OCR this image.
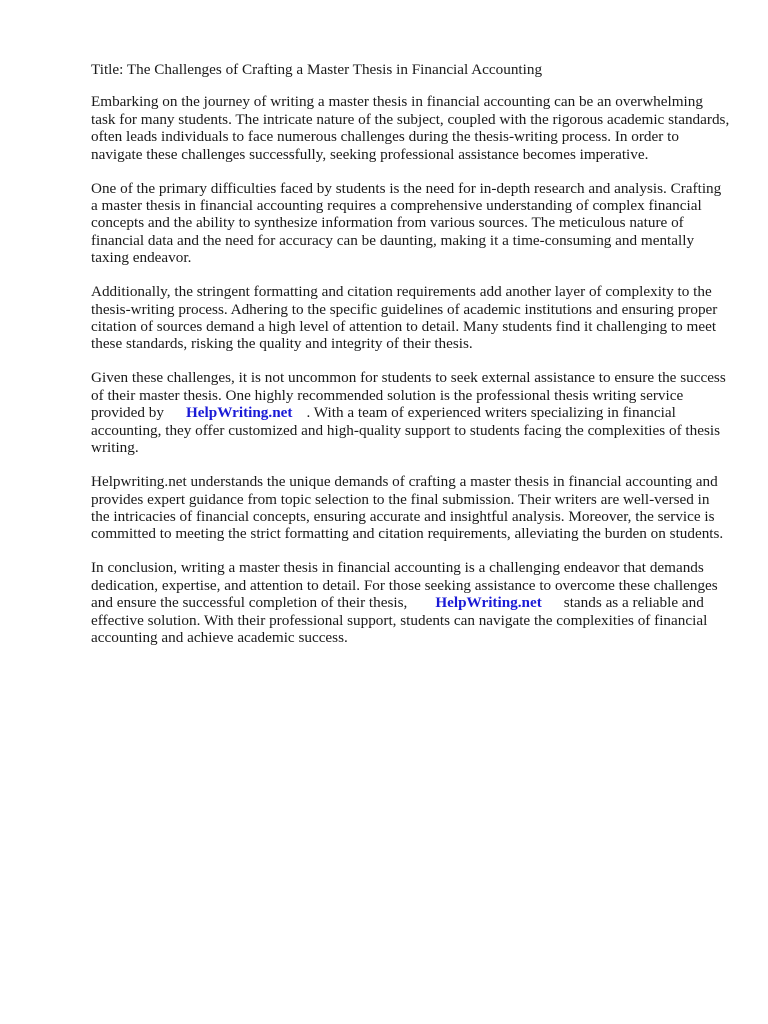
Title: The Challenges of Crafting a Master Thesis in Financial Accounting

Embarking on the journey of writing a master thesis in financial accounting can be an overwhelming task for many students. The intricate nature of the subject, coupled with the rigorous academic standards, often leads individuals to face numerous challenges during the thesis-writing process. In order to navigate these challenges successfully, seeking professional assistance becomes imperative.

One of the primary difficulties faced by students is the need for in-depth research and analysis. Crafting a master thesis in financial accounting requires a comprehensive understanding of complex financial concepts and the ability to synthesize information from various sources. The meticulous nature of financial data and the need for accuracy can be daunting, making it a time-consuming and mentally taxing endeavor.

Additionally, the stringent formatting and citation requirements add another layer of complexity to the thesis-writing process. Adhering to the specific guidelines of academic institutions and ensuring proper citation of sources demand a high level of attention to detail. Many students find it challenging to meet these standards, risking the quality and integrity of their thesis.

Given these challenges, it is not uncommon for students to seek external assistance to ensure the success of their master thesis. One highly recommended solution is the professional thesis writing service provided by HelpWriting.net . With a team of experienced writers specializing in financial accounting, they offer customized and high-quality support to students facing the complexities of thesis writing.

Helpwriting.net understands the unique demands of crafting a master thesis in financial accounting and provides expert guidance from topic selection to the final submission. Their writers are well-versed in the intricacies of financial concepts, ensuring accurate and insightful analysis. Moreover, the service is committed to meeting the strict formatting and citation requirements, alleviating the burden on students.

In conclusion, writing a master thesis in financial accounting is a challenging endeavor that demands dedication, expertise, and attention to detail. For those seeking assistance to overcome these challenges and ensure the successful completion of their thesis, HelpWriting.net stands as a reliable and effective solution. With their professional support, students can navigate the complexities of financial accounting and achieve academic success.
